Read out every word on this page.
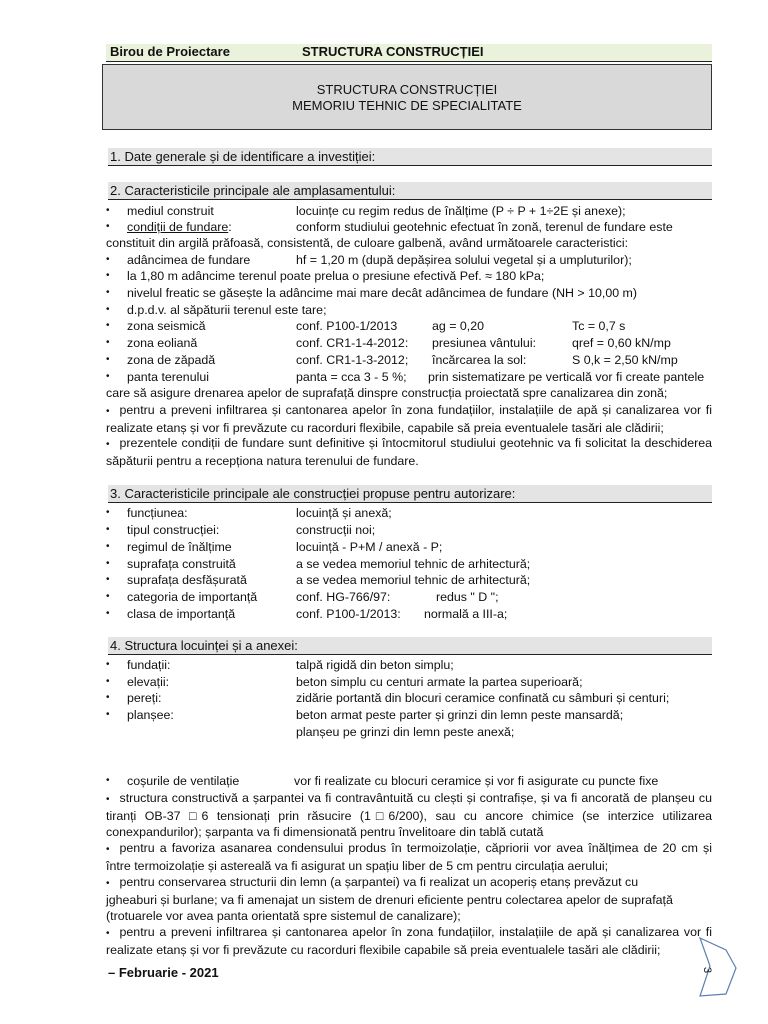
Birou de Proiectare	STRUCTURA CONSTRUCȚIEI
STRUCTURA CONSTRUCȚIEI
MEMORIU TEHNIC DE SPECIALITATE
1. Date generale și de identificare a investiției:
2. Caracteristicile principale ale amplasamentului:
•	mediul construit	locuințe cu regim redus de înălțime (P ÷ P + 1÷2E și anexe);
•	condiții de fundare:	conform studiului geotehnic efectuat în zonă, terenul de fundare este
constituit din argilă prăfoasă, consistentă, de culoare galbenă, având următoarele caracteristici:
•	adâncimea de fundare	hf = 1,20 m (după depășirea solului vegetal și a umpluturilor);
•	la 1,80 m adâncime terenul poate prelua o presiune efectivă Pef. ≈ 180 kPa;
•	nivelul freatic se găsește la adâncime mai mare decât adâncimea de fundare (NH > 10,00 m)
•	d.p.d.v. al săpăturii terenul este tare;
•	zona seismică	conf. P100-1/2013	ag = 0,20	Tc = 0,7 s
•	zona eoliană	conf. CR1-1-4-2012: presiunea vântului:	qref = 0,60 kN/mp
•	zona de zăpadă	conf. CR1-1-3-2012; încărcarea la sol:	S 0,k = 2,50 kN/mp
•	panta terenului	panta = cca 3 - 5 %; prin sistematizare pe verticală vor fi create pantele
care să asigure drenarea apelor de suprafață dinspre construcția proiectată spre canalizarea din zonă;
• pentru a preveni infiltrarea și cantonarea apelor în zona fundațiilor, instalațiile de apă și canalizarea vor fi realizate etanș și vor fi prevăzute cu racorduri flexibile, capabile să preia eventualele tasări ale clădirii;
• prezentele condiții de fundare sunt definitive și întocmitorul studiului geotehnic va fi solicitat la deschiderea săpăturii pentru a recepționa natura terenului de fundare.
3. Caracteristicile principale ale construcției propuse pentru autorizare:
•	funcțiunea:	locuință și anexă;
•	tipul construcției:	construcții noi;
•	regimul de înălțime	locuință - P+M / anexă - P;
•	suprafața construită	a se vedea memoriul tehnic de arhitectură;
•	suprafața desfășurată	a se vedea memoriul tehnic de arhitectură;
•	categoria de importanță	conf. HG-766/97:	redus " D ";
•	clasa de importanță	conf. P100-1/2013: normală a III-a;
4. Structura locuinței și a anexei:
•	fundații:	talpă rigidă din beton simplu;
•	elevații:	beton simplu cu centuri armate la partea superioară;
•	pereți:	zidărie portantă din blocuri ceramice confinată cu sâmburi și centuri;
•	planșee:	beton armat peste parter și grinzi din lemn peste mansardă;
planșeu pe grinzi din lemn peste anexă;
•	coșurile de ventilație	vor fi realizate cu blocuri ceramice și vor fi asigurate cu puncte fixe
• structura constructivă a șarpantei va fi contravântuită cu clești și contrafișe, și va fi ancorată de planșeu cu tiranți OB-37 □6 tensionați prin răsucire (1□6/200), sau cu ancore chimice (se interzice utilizarea conexpandurilor); șarpanta va fi dimensionată pentru învelitoare din tablă cutată
• pentru a favoriza asanarea condensului produs în termoizolație, căpriorii vor avea înălțimea de 20 cm și între termoizolație și astereală va fi asigurat un spațiu liber de 5 cm pentru circulația aerului;
• pentru conservarea structurii din lemn (a șarpantei) va fi realizat un acoperiș etanș prevăzut cu
jgheaburi și burlane; va fi amenajat un sistem de drenuri eficiente pentru colectarea apelor de suprafață (trotuarele vor avea panta orientată spre sistemul de canalizare);
• pentru a preveni infiltrarea și cantonarea apelor în zona fundațiilor, instalațiile de apă și canalizarea vor fi realizate etanș și vor fi prevăzute cu racorduri flexibile capabile să preia eventualele tasări ale clădirii;
– Februarie - 2021	3
